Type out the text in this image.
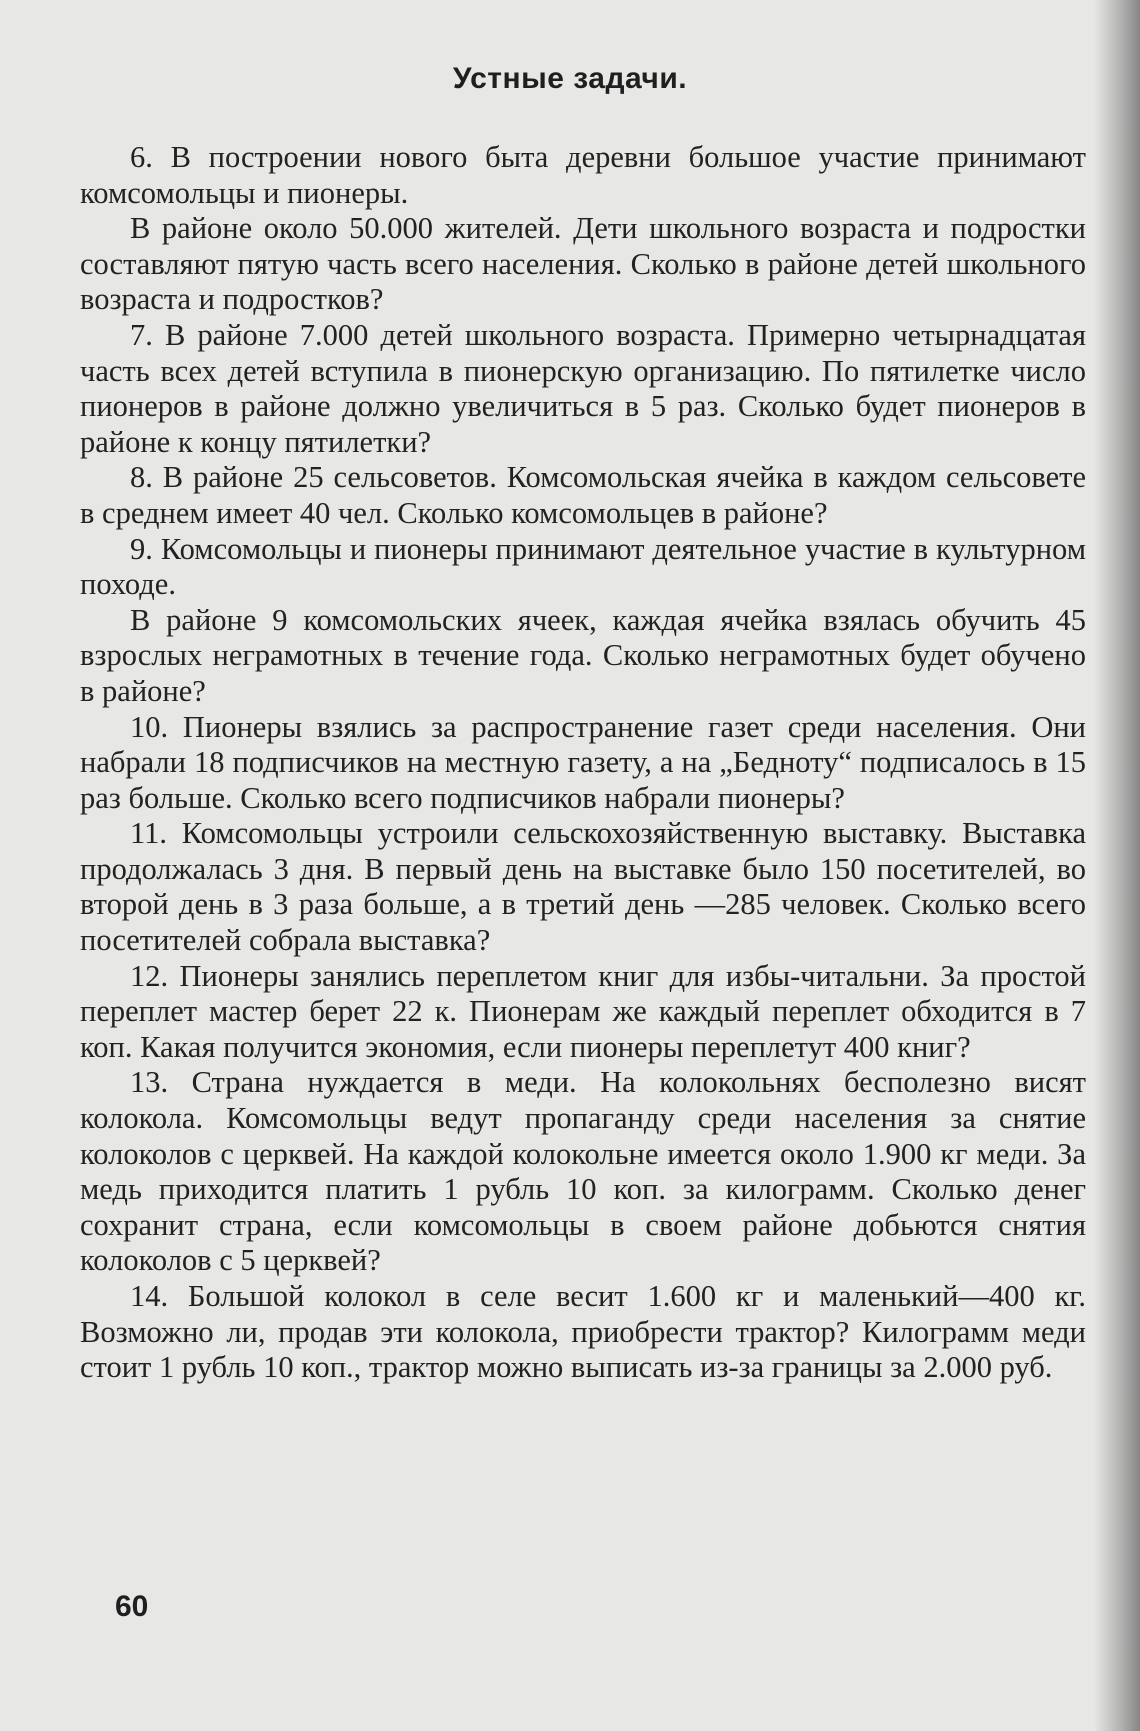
Устные задачи.

6. В построении нового быта деревни большое участие принимают комсомольцы и пионеры.

В районе около 50.000 жителей. Дети школьного возраста и подростки составляют пятую часть всего населения. Сколько в районе детей школьного возраста и подростков?

7. В районе 7.000 детей школьного возраста. Примерно четырнадцатая часть всех детей вступила в пионерскую организацию. По пятилетке число пионеров в районе должно увеличиться в 5 раз. Сколько будет пионеров в районе к концу пятилетки?

8. В районе 25 сельсоветов. Комсомольская ячейка в каждом сельсовете в среднем имеет 40 чел. Сколько комсомольцев в районе?

9. Комсомольцы и пионеры принимают деятельное участие в культурном походе.

В районе 9 комсомольских ячеек, каждая ячейка взялась обучить 45 взрослых неграмотных в течение года. Сколько неграмотных будет обучено в районе?

10. Пионеры взялись за распространение газет среди населения. Они набрали 18 подписчиков на местную газету, а на „Бедноту“ подписалось в 15 раз больше. Сколько всего подписчиков набрали пионеры?

11. Комсомольцы устроили сельскохозяйственную выставку. Выставка продолжалась 3 дня. В первый день на выставке было 150 посетителей, во второй день в 3 раза больше, а в третий день —285 человек. Сколько всего посетителей собрала выставка?

12. Пионеры занялись переплетом книг для избы-читальни. За простой переплет мастер берет 22 к. Пионерам же каждый переплет обходится в 7 коп. Какая получится экономия, если пионеры переплетут 400 книг?

13. Страна нуждается в меди. На колокольнях бесполезно висят колокола. Комсомольцы ведут пропаганду среди населения за снятие колоколов с церквей. На каждой колокольне имеется около 1.900 кг меди. За медь приходится платить 1 рубль 10 коп. за килограмм. Сколько денег сохранит страна, если комсомольцы в своем районе добьются снятия колоколов с 5 церквей?

14. Большой колокол в селе весит 1.600 кг и маленький—400 кг. Возможно ли, продав эти колокола, приобрести трактор? Килограмм меди стоит 1 рубль 10 коп., трактор можно выписать из-за границы за 2.000 руб.

60
